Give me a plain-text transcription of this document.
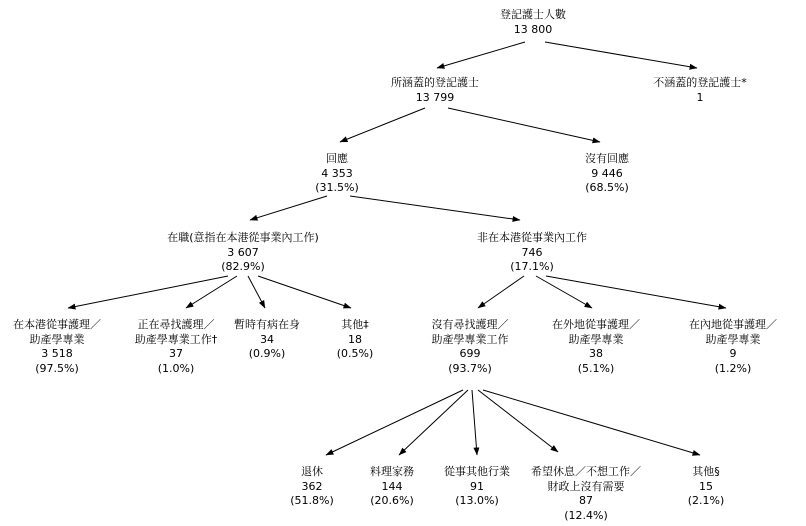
登記護士人數
13 800
所涵蓋的登記護士
13 799
不涵蓋的登記護士*
1
回應
4 353
(31.5%)
沒有回應
9 446
(68.5%)
在職(意指在本港從事業內工作)
3 607
(82.9%)
非在本港從事業內工作
746
(17.1%)
在本港從事護理／
助產學專業
3 518
(97.5%)
正在尋找護理／
助產學專業工作†
37
(1.0%)
暫時有病在身
34
(0.9%)
其他‡
18
(0.5%)
沒有尋找護理／
助產學專業工作
699
(93.7%)
在外地從事護理／
助產學專業
38
(5.1%)
在內地從事護理／
助產學專業
9
(1.2%)
退休
362
(51.8%)
料理家務
144
(20.6%)
從事其他行業
91
(13.0%)
希望休息／不想工作／
財政上沒有需要
87
(12.4%)
其他§
15
(2.1%)
